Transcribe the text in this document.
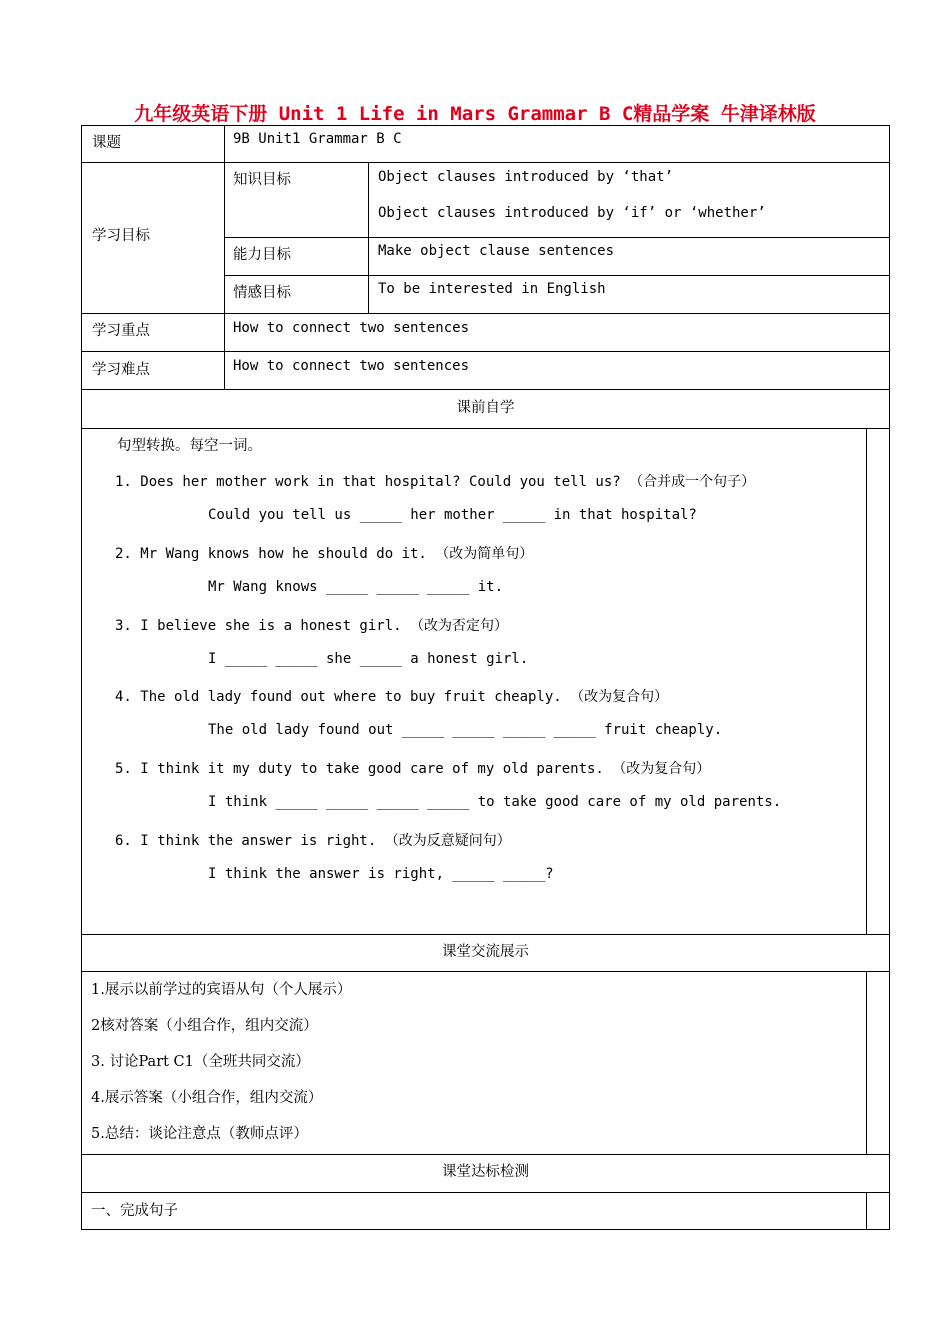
九年级英语下册 Unit 1 Life in Mars Grammar B C精品学案 牛津译林版
课题	9B Unit1 Grammar B C
学习目标
知识目标	Object clauses introduced by ‘that’
Object clauses introduced by ‘if’ or ‘whether’
能力目标	Make object clause sentences
情感目标	To be interested in English
学习重点	How to connect two sentences
学习难点	How to connect two sentences
课前自学
句型转换。每空一词。
1. Does her mother work in that hospital? Could you tell us? （合并成一个句子）
Could you tell us _____ her mother _____ in that hospital?
2. Mr Wang knows how he should do it. （改为简单句）
Mr Wang knows _____ _____ _____ it.
3. I believe she is a honest girl. （改为否定句）
I _____ _____ she _____ a honest girl.
4. The old lady found out where to buy fruit cheaply. （改为复合句）
The old lady found out _____ _____ _____ _____ fruit cheaply.
5. I think it my duty to take good care of my old parents. （改为复合句）
I think _____ _____ _____ _____ to take good care of my old parents.
6. I think the answer is right. （改为反意疑问句）
I think the answer is right, _____ _____?
课堂交流展示
1.展示以前学过的宾语从句（个人展示）
2核对答案（小组合作，组内交流）
3. 讨论Part C1（全班共同交流）
4.展示答案（小组合作，组内交流）
5.总结：谈论注意点（教师点评）
课堂达标检测
一、完成句子
